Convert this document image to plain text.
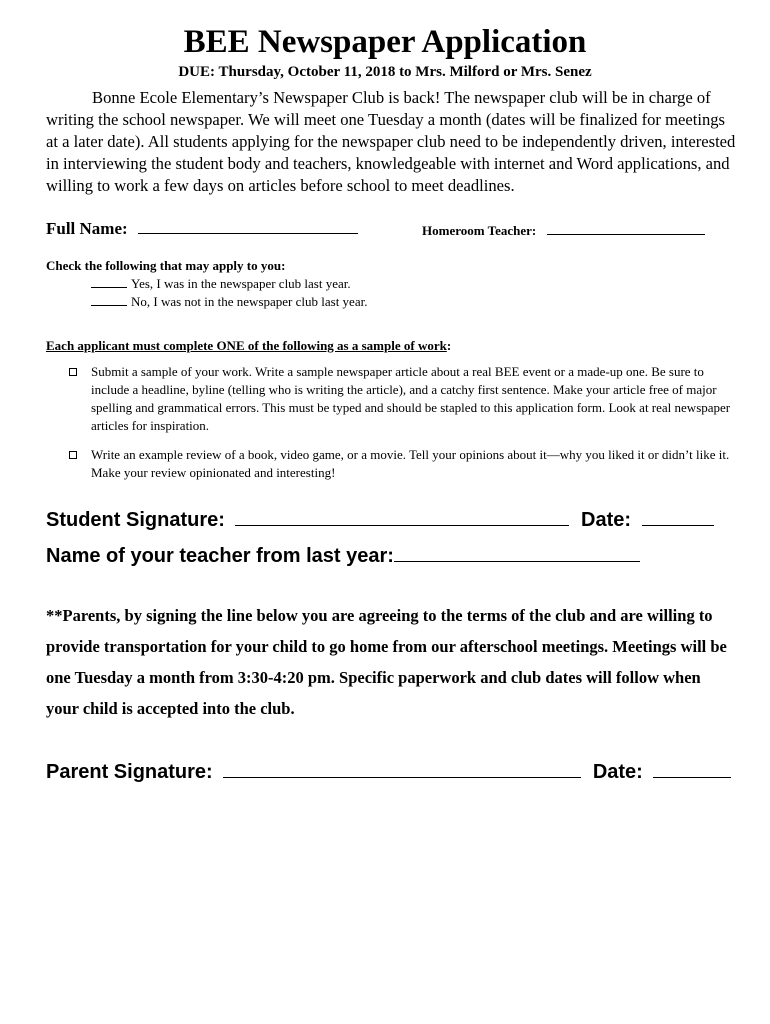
BEE Newspaper Application
DUE: Thursday, October 11, 2018 to Mrs. Milford or Mrs. Senez
Bonne Ecole Elementary’s Newspaper Club is back! The newspaper club will be in charge of writing the school newspaper. We will meet one Tuesday a month (dates will be finalized for meetings at a later date). All students applying for the newspaper club need to be independently driven, interested in interviewing the student body and teachers, knowledgeable with internet and Word applications, and willing to work a few days on articles before school to meet deadlines.
Full Name:	Homeroom Teacher:
Check the following that may apply to you:
Yes, I was in the newspaper club last year.
No, I was not in the newspaper club last year.
Each applicant must complete ONE of the following as a sample of work:
Submit a sample of your work. Write a sample newspaper article about a real BEE event or a made-up one. Be sure to include a headline, byline (telling who is writing the article), and a catchy first sentence. Make your article free of major spelling and grammatical errors. This must be typed and should be stapled to this application form. Look at real newspaper articles for inspiration.
Write an example review of a book, video game, or a movie. Tell your opinions about it—why you liked it or didn’t like it. Make your review opinionated and interesting!
Student Signature:	Date:
Name of your teacher from last year:
**Parents, by signing the line below you are agreeing to the terms of the club and are willing to provide transportation for your child to go home from our afterschool meetings. Meetings will be one Tuesday a month from 3:30-4:20 pm. Specific paperwork and club dates will follow when your child is accepted into the club.
Parent Signature:	Date:
